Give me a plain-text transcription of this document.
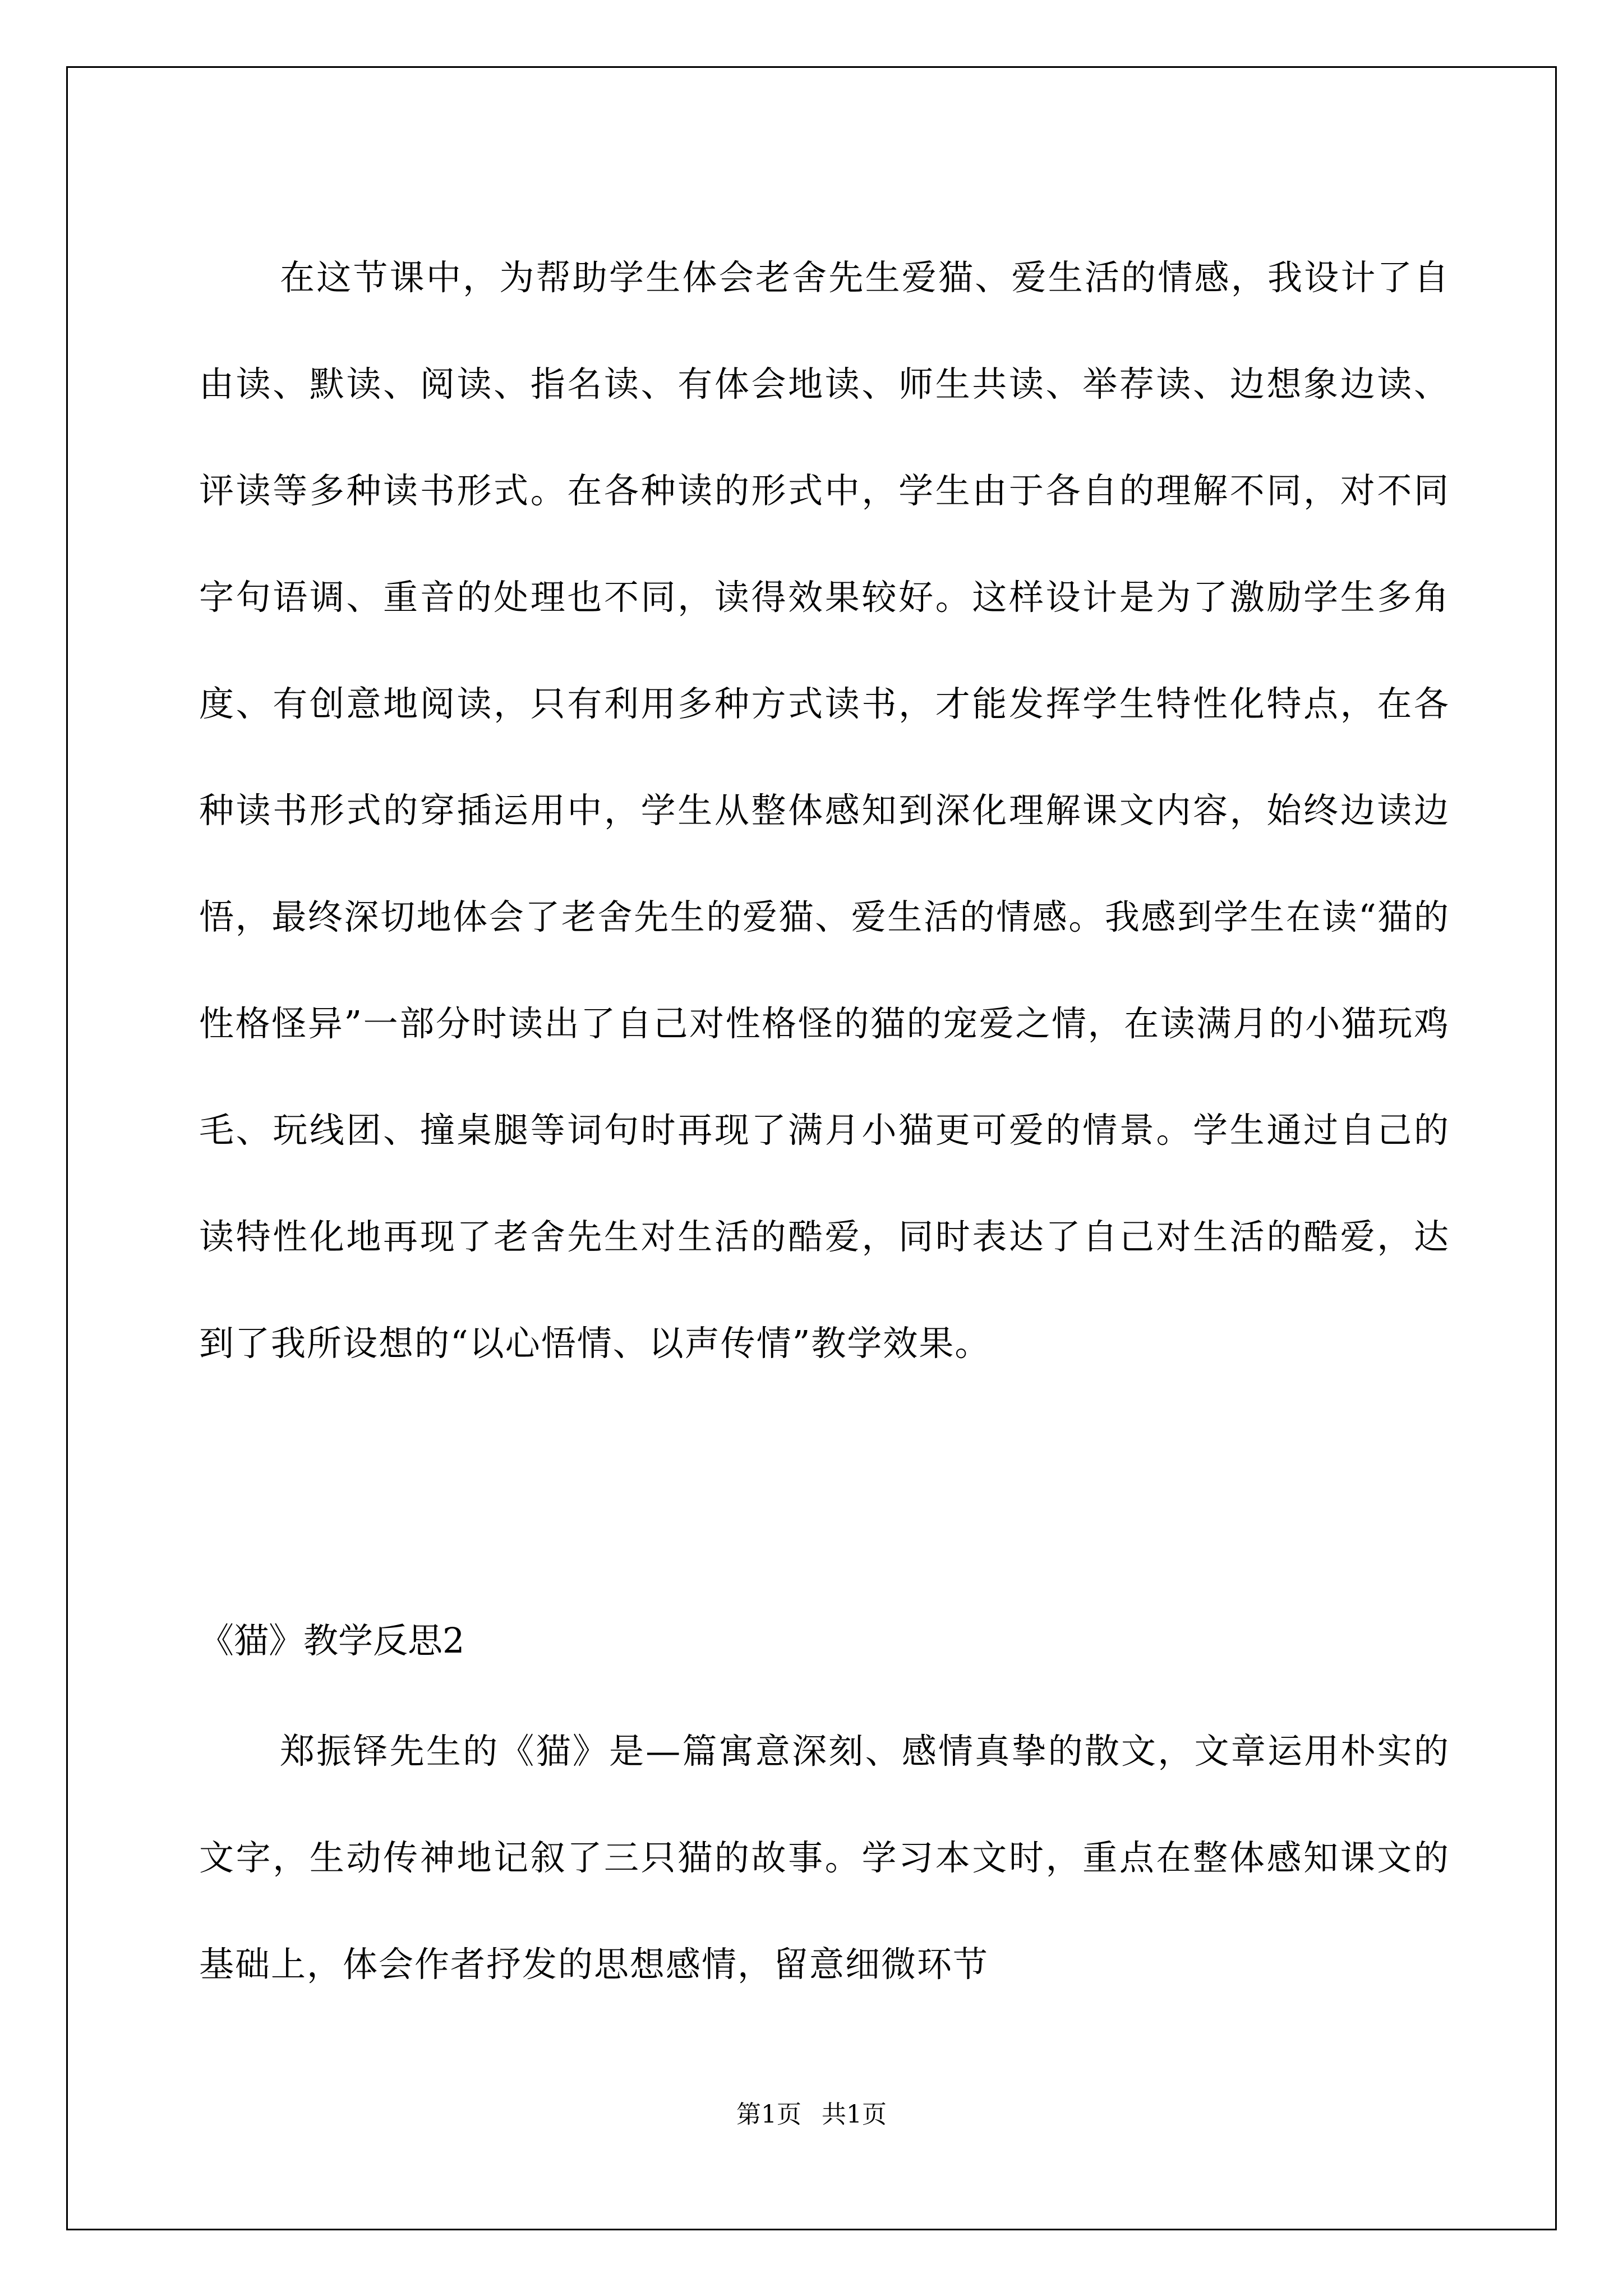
在这节课中，为帮助学生体会老舍先生爱猫、爱生活的情感，我设计了自由读、默读、阅读、指名读、有体会地读、师生共读、举荐读、边想象边读、评读等多种读书形式。在各种读的形式中，学生由于各自的理解不同，对不同字句语调、重音的处理也不同，读得效果较好。这样设计是为了激励学生多角度、有创意地阅读，只有利用多种方式读书，才能发挥学生特性化特点，在各种读书形式的穿插运用中，学生从整体感知到深化理解课文内容，始终边读边悟，最终深切地体会了老舍先生的爱猫、爱生活的情感。我感到学生在读“猫的性格怪异”一部分时读出了自己对性格怪的猫的宠爱之情，在读满月的小猫玩鸡毛、玩线团、撞桌腿等词句时再现了满月小猫更可爱的情景。学生通过自己的读特性化地再现了老舍先生对生活的酷爱，同时表达了自己对生活的酷爱，达到了我所设想的“以心悟情、以声传情”教学效果。

《猫》教学反思2

郑振铎先生的《猫》是—篇寓意深刻、感情真挚的散文，文章运用朴实的文字，生动传神地记叙了三只猫的故事。学习本文时，重点在整体感知课文的基础上，体会作者抒发的思想感情，留意细微环节

第1页 共1页
